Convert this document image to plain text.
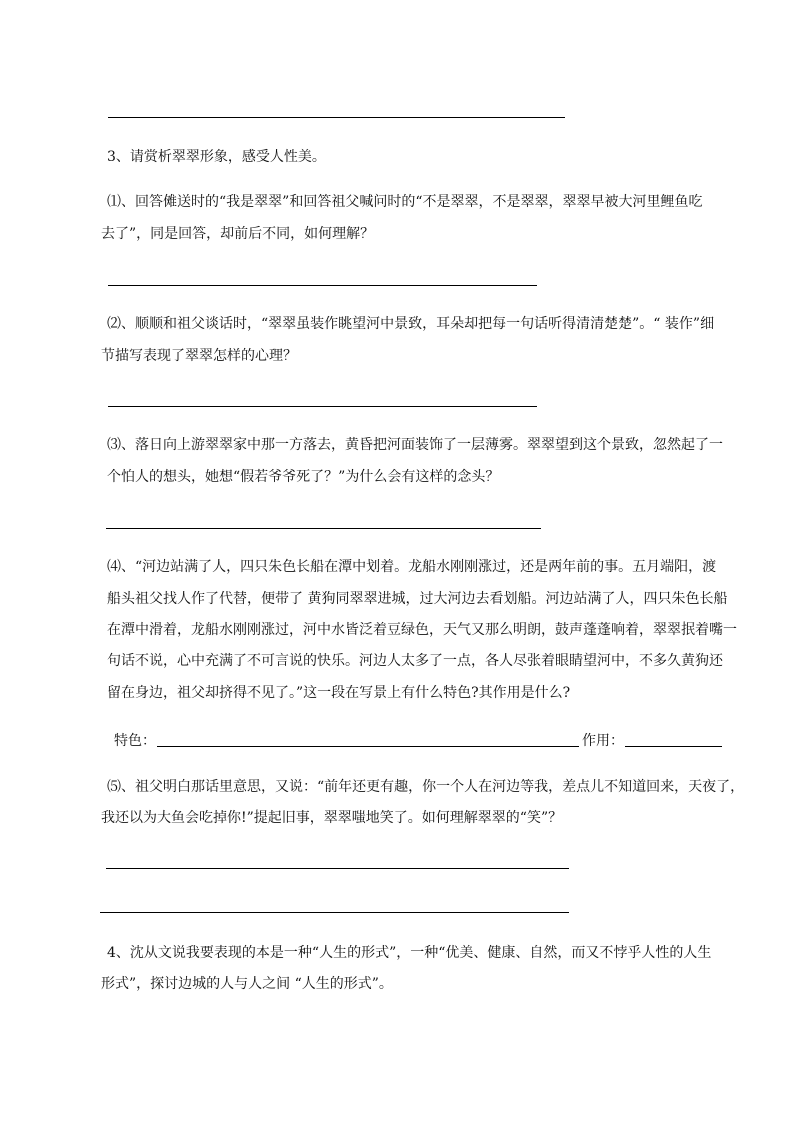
3、请赏析翠翠形象，感受人性美。
⑴、回答傩送时的“我是翠翠”和回答祖父喊问时的“不是翠翠，不是翠翠，翠翠早被大河里鲤鱼吃
去了”，同是回答，却前后不同，如何理解？
⑵、顺顺和祖父谈话时，“翠翠虽装作眺望河中景致，耳朵却把每一句话听得清清楚楚”。“ 装作”细
节描写表现了翠翠怎样的心理？
⑶、落日向上游翠翠家中那一方落去，黄昏把河面装饰了一层薄雾。翠翠望到这个景致，忽然起了一
个怕人的想头，她想“假若爷爷死了？”为什么会有这样的念头？
⑷、“河边站满了人，四只朱色长船在潭中划着。龙船水刚刚涨过，还是两年前的事。五月端阳，渡
船头祖父找人作了代替，便带了 黄狗同翠翠进城，过大河边去看划船。河边站满了人，四只朱色长船
在潭中滑着，龙船水刚刚涨过，河中水皆泛着豆绿色，天气又那么明朗，鼓声蓬蓬响着，翠翠抿着嘴一
句话不说，心中充满了不可言说的快乐。河边人太多了一点，各人尽张着眼睛望河中，不多久黄狗还
留在身边，祖父却挤得不见了。”这一段在写景上有什么特色?其作用是什么?
特色：	作用：
⑸、祖父明白那话里意思，又说：“前年还更有趣，你一个人在河边等我，差点儿不知道回来，天夜了，
我还以为大鱼会吃掉你!”提起旧事，翠翠嗤地笑了。如何理解翠翠的“笑”？
4、沈从文说我要表现的本是一种“人生的形式”，一种“优美、健康、自然，而又不悖乎人性的人生
形式”，探讨边城的人与人之间 “人生的形式”。
